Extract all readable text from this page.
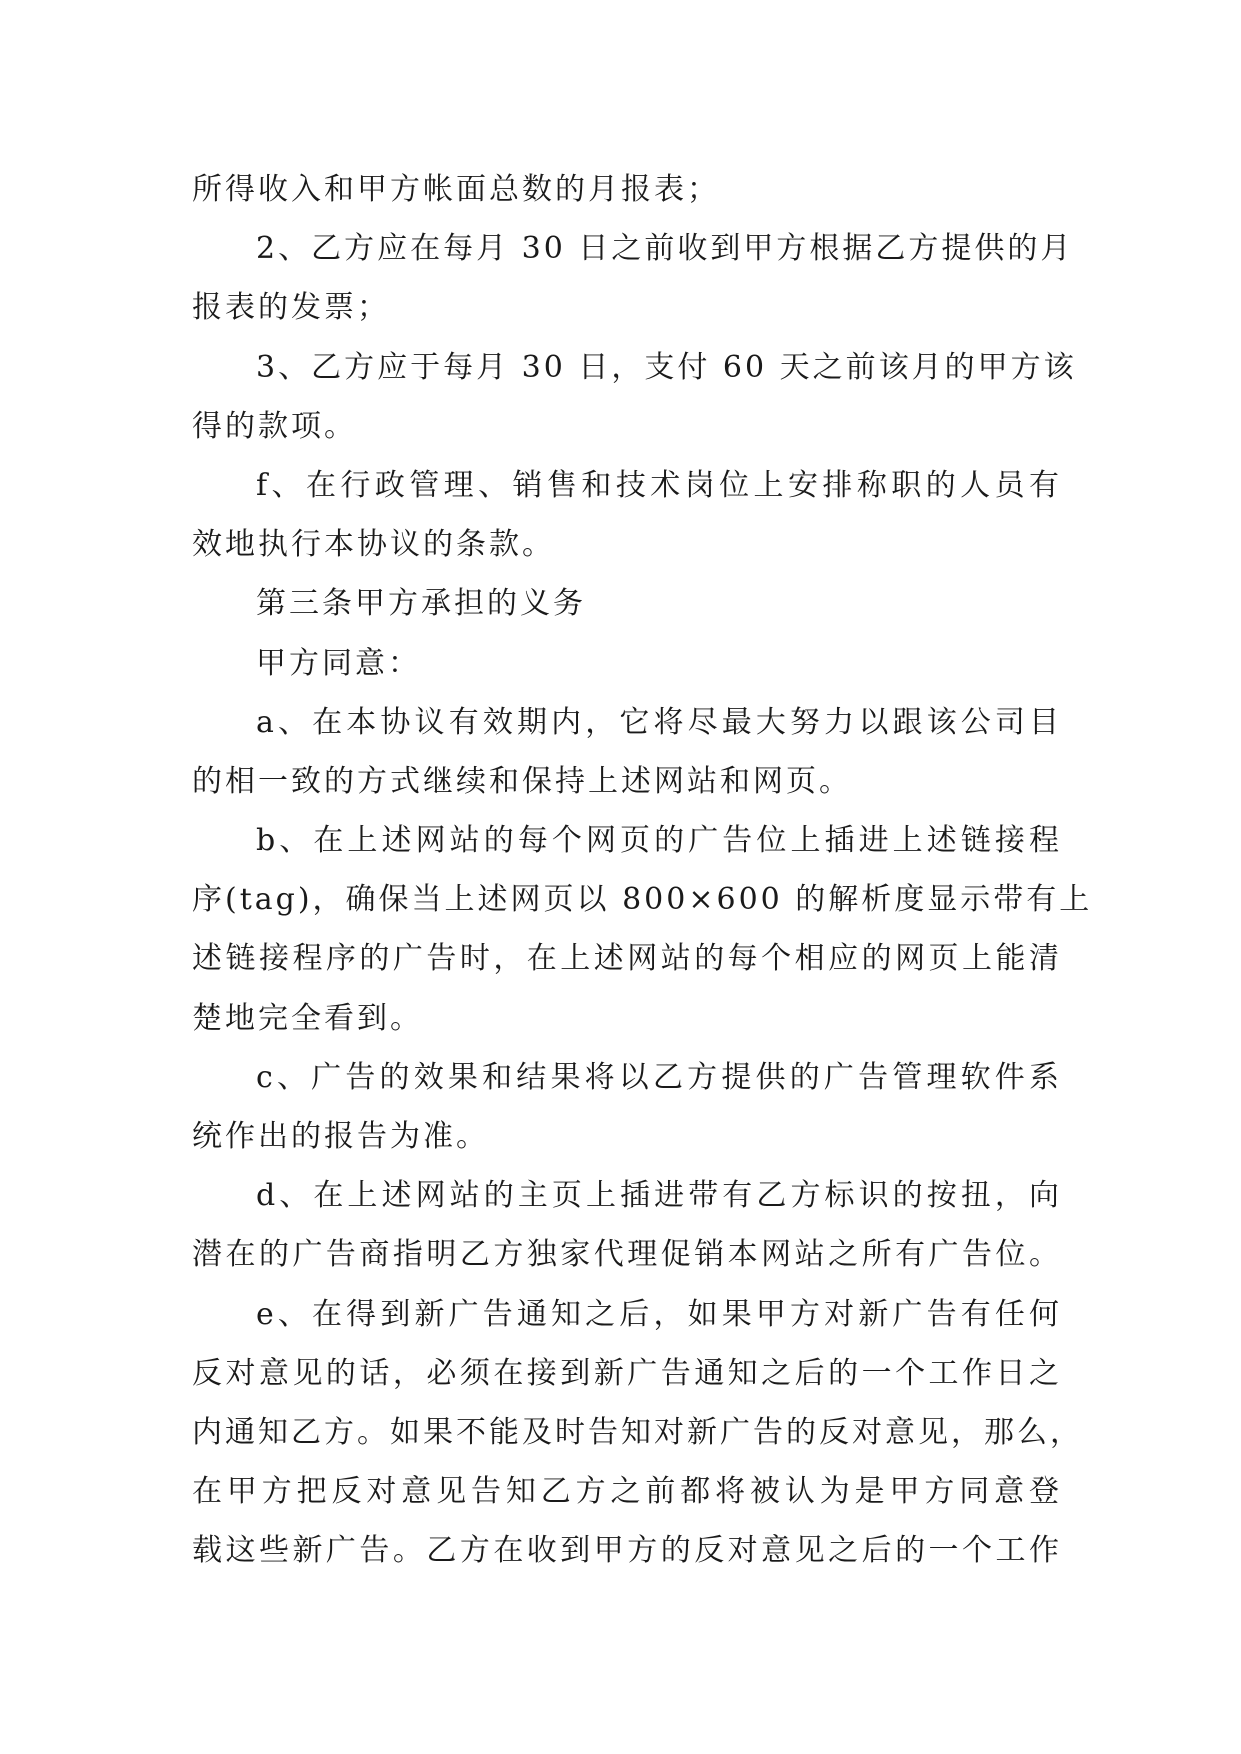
所得收入和甲方帐面总数的月报表；
2、乙方应在每月 30 日之前收到甲方根据乙方提供的月
报表的发票；
3、乙方应于每月 30 日，支付 60 天之前该月的甲方该
得的款项。
f、在行政管理、销售和技术岗位上安排称职的人员有
效地执行本协议的条款。
第三条甲方承担的义务
甲方同意：
a、在本协议有效期内，它将尽最大努力以跟该公司目
的相一致的方式继续和保持上述网站和网页。
b、在上述网站的每个网页的广告位上插进上述链接程
序(tag)，确保当上述网页以 800×600 的解析度显示带有上
述链接程序的广告时，在上述网站的每个相应的网页上能清
楚地完全看到。
c、广告的效果和结果将以乙方提供的广告管理软件系
统作出的报告为准。
d、在上述网站的主页上插进带有乙方标识的按扭，向
潜在的广告商指明乙方独家代理促销本网站之所有广告位。
e、在得到新广告通知之后，如果甲方对新广告有任何
反对意见的话，必须在接到新广告通知之后的一个工作日之
内通知乙方。如果不能及时告知对新广告的反对意见，那么，
在甲方把反对意见告知乙方之前都将被认为是甲方同意登
载这些新广告。乙方在收到甲方的反对意见之后的一个工作
